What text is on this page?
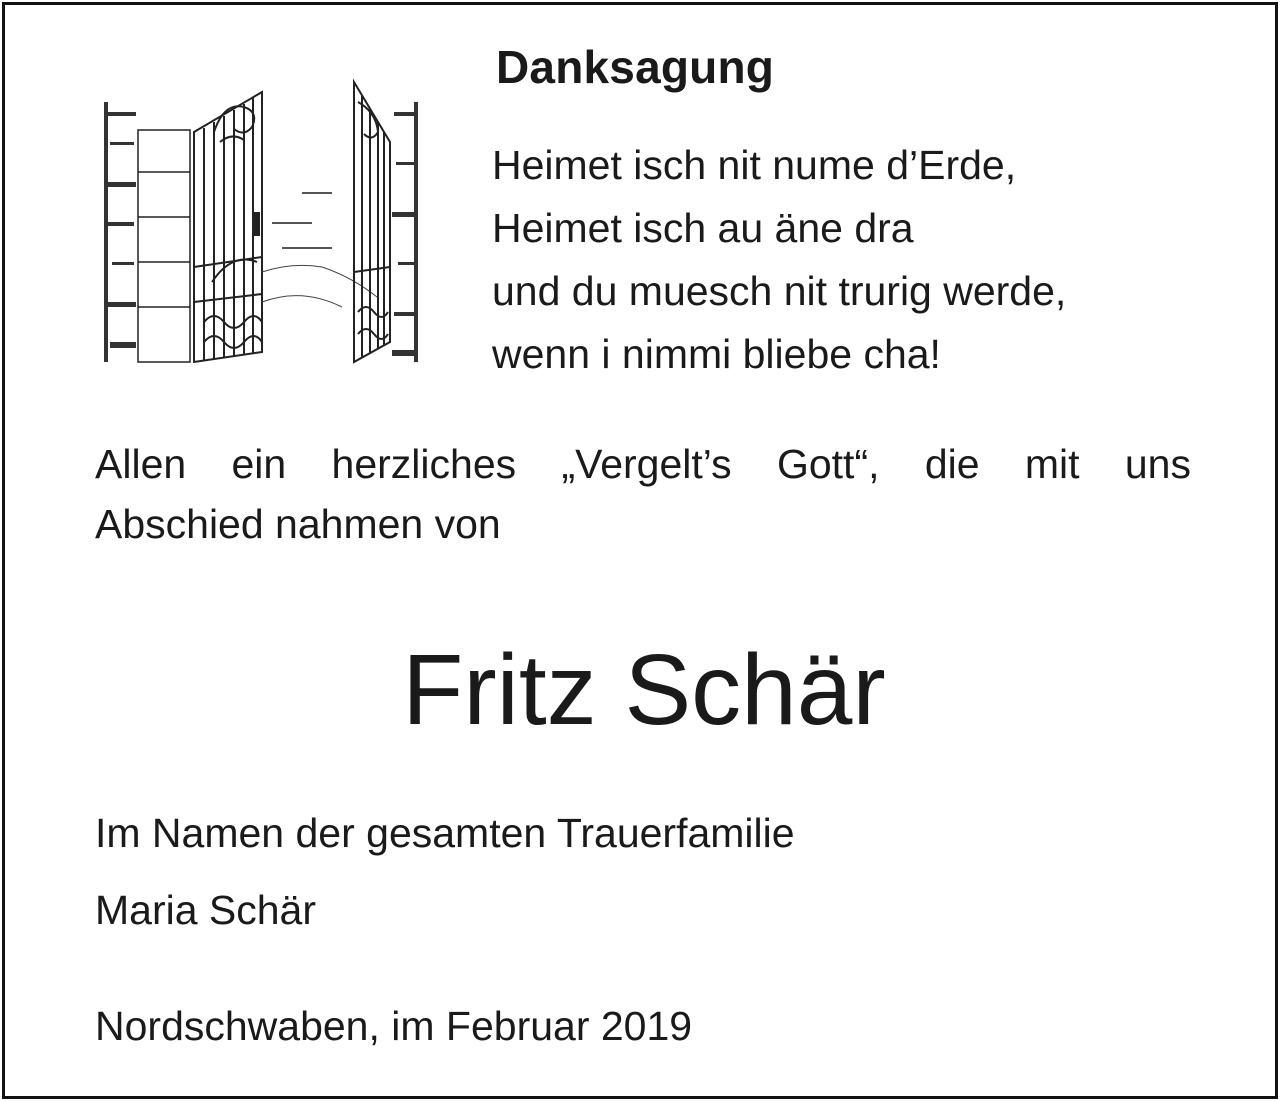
Danksagung
Heimet isch nit nume d’Erde,
Heimet isch au äne dra
und du muesch nit trurig werde,
wenn i nimmi bliebe cha!
Allen ein herzliches „Vergelt’s Gott“, die mit uns
Abschied nahmen von
Fritz Schär
Im Namen der gesamten Trauerfamilie
Maria Schär
Nordschwaben, im Februar 2019
